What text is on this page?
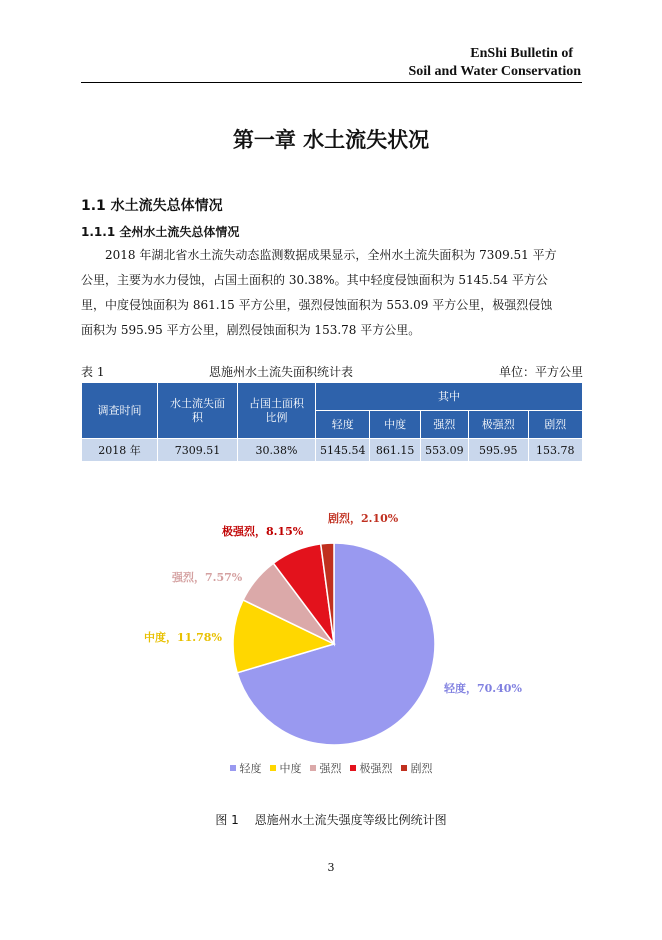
EnShi Bulletin of
Soil and Water Conservation
第一章 水土流失状况
1.1 水土流失总体情况
1.1.1 全州水土流失总体情况
2018 年湖北省水土流失动态监测数据成果显示，全州水土流失面积为 7309.51 平方
公里，主要为水力侵蚀，占国土面积的 30.38%。其中轻度侵蚀面积为 5145.54 平方公
里，中度侵蚀面积为 861.15 平方公里，强烈侵蚀面积为 553.09 平方公里，极强烈侵蚀
面积为 595.95 平方公里，剧烈侵蚀面积为 153.78 平方公里。
表 1	恩施州水土流失面积统计表	单位：平方公里
调查时间	水土流失面积	占国土面积比例	其中				
			轻度	中度	强烈	极强烈	剧烈
2018 年	7309.51	30.38%	5145.54	861.15	553.09	595.95	153.78
轻度，70.40%
中度，11.78%
强烈，7.57%
极强烈，8.15%
剧烈，2.10%
轻度 中度 强烈 极强烈 剧烈
图 1 恩施州水土流失强度等级比例统计图
3
